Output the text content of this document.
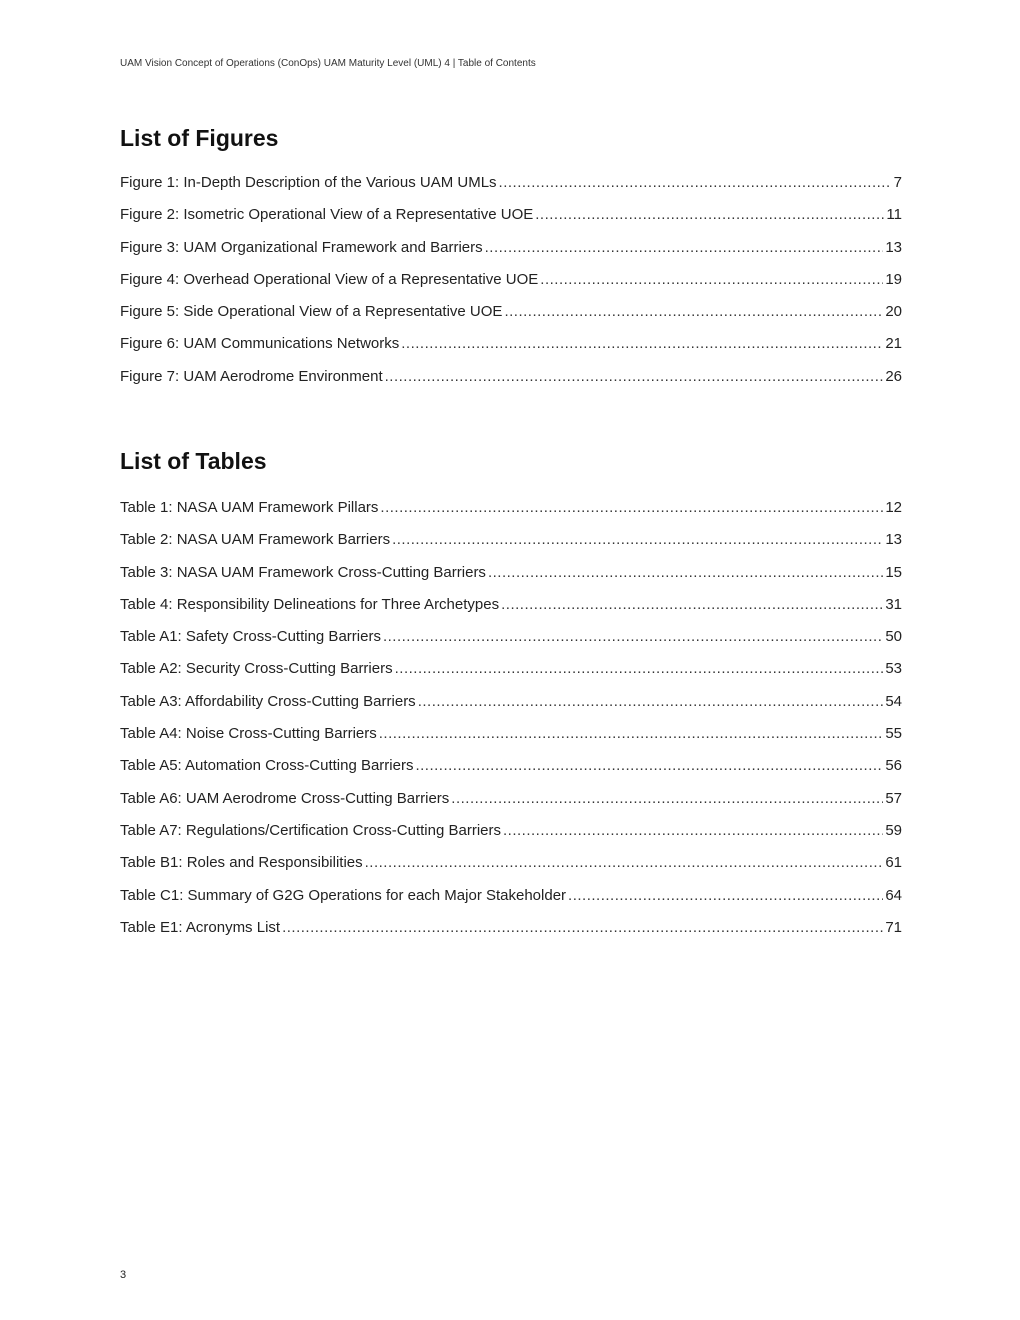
UAM Vision Concept of Operations (ConOps) UAM Maturity Level (UML) 4 | Table of Contents
List of Figures
Figure 1: In-Depth Description of the Various UAM UMLs .....	7
Figure 2: Isometric Operational View of a Representative UOE .....	11
Figure 3: UAM Organizational Framework and Barriers .....	13
Figure 4: Overhead Operational View of a Representative UOE .....	19
Figure 5: Side Operational View of a Representative UOE .....	20
Figure 6: UAM Communications Networks .....	21
Figure 7: UAM Aerodrome Environment .....	26
List of Tables
Table 1: NASA UAM Framework Pillars .....	12
Table 2: NASA UAM Framework Barriers .....	13
Table 3: NASA UAM Framework Cross-Cutting Barriers .....	15
Table 4: Responsibility Delineations for Three Archetypes .....	31
Table A1: Safety Cross-Cutting Barriers .....	50
Table A2: Security Cross-Cutting Barriers .....	53
Table A3: Affordability Cross-Cutting Barriers .....	54
Table A4: Noise Cross-Cutting Barriers .....	55
Table A5: Automation Cross-Cutting Barriers .....	56
Table A6: UAM Aerodrome Cross-Cutting Barriers .....	57
Table A7: Regulations/Certification Cross-Cutting Barriers .....	59
Table B1: Roles and Responsibilities .....	61
Table C1: Summary of G2G Operations for each Major Stakeholder .....	64
Table E1: Acronyms List .....	71
3
